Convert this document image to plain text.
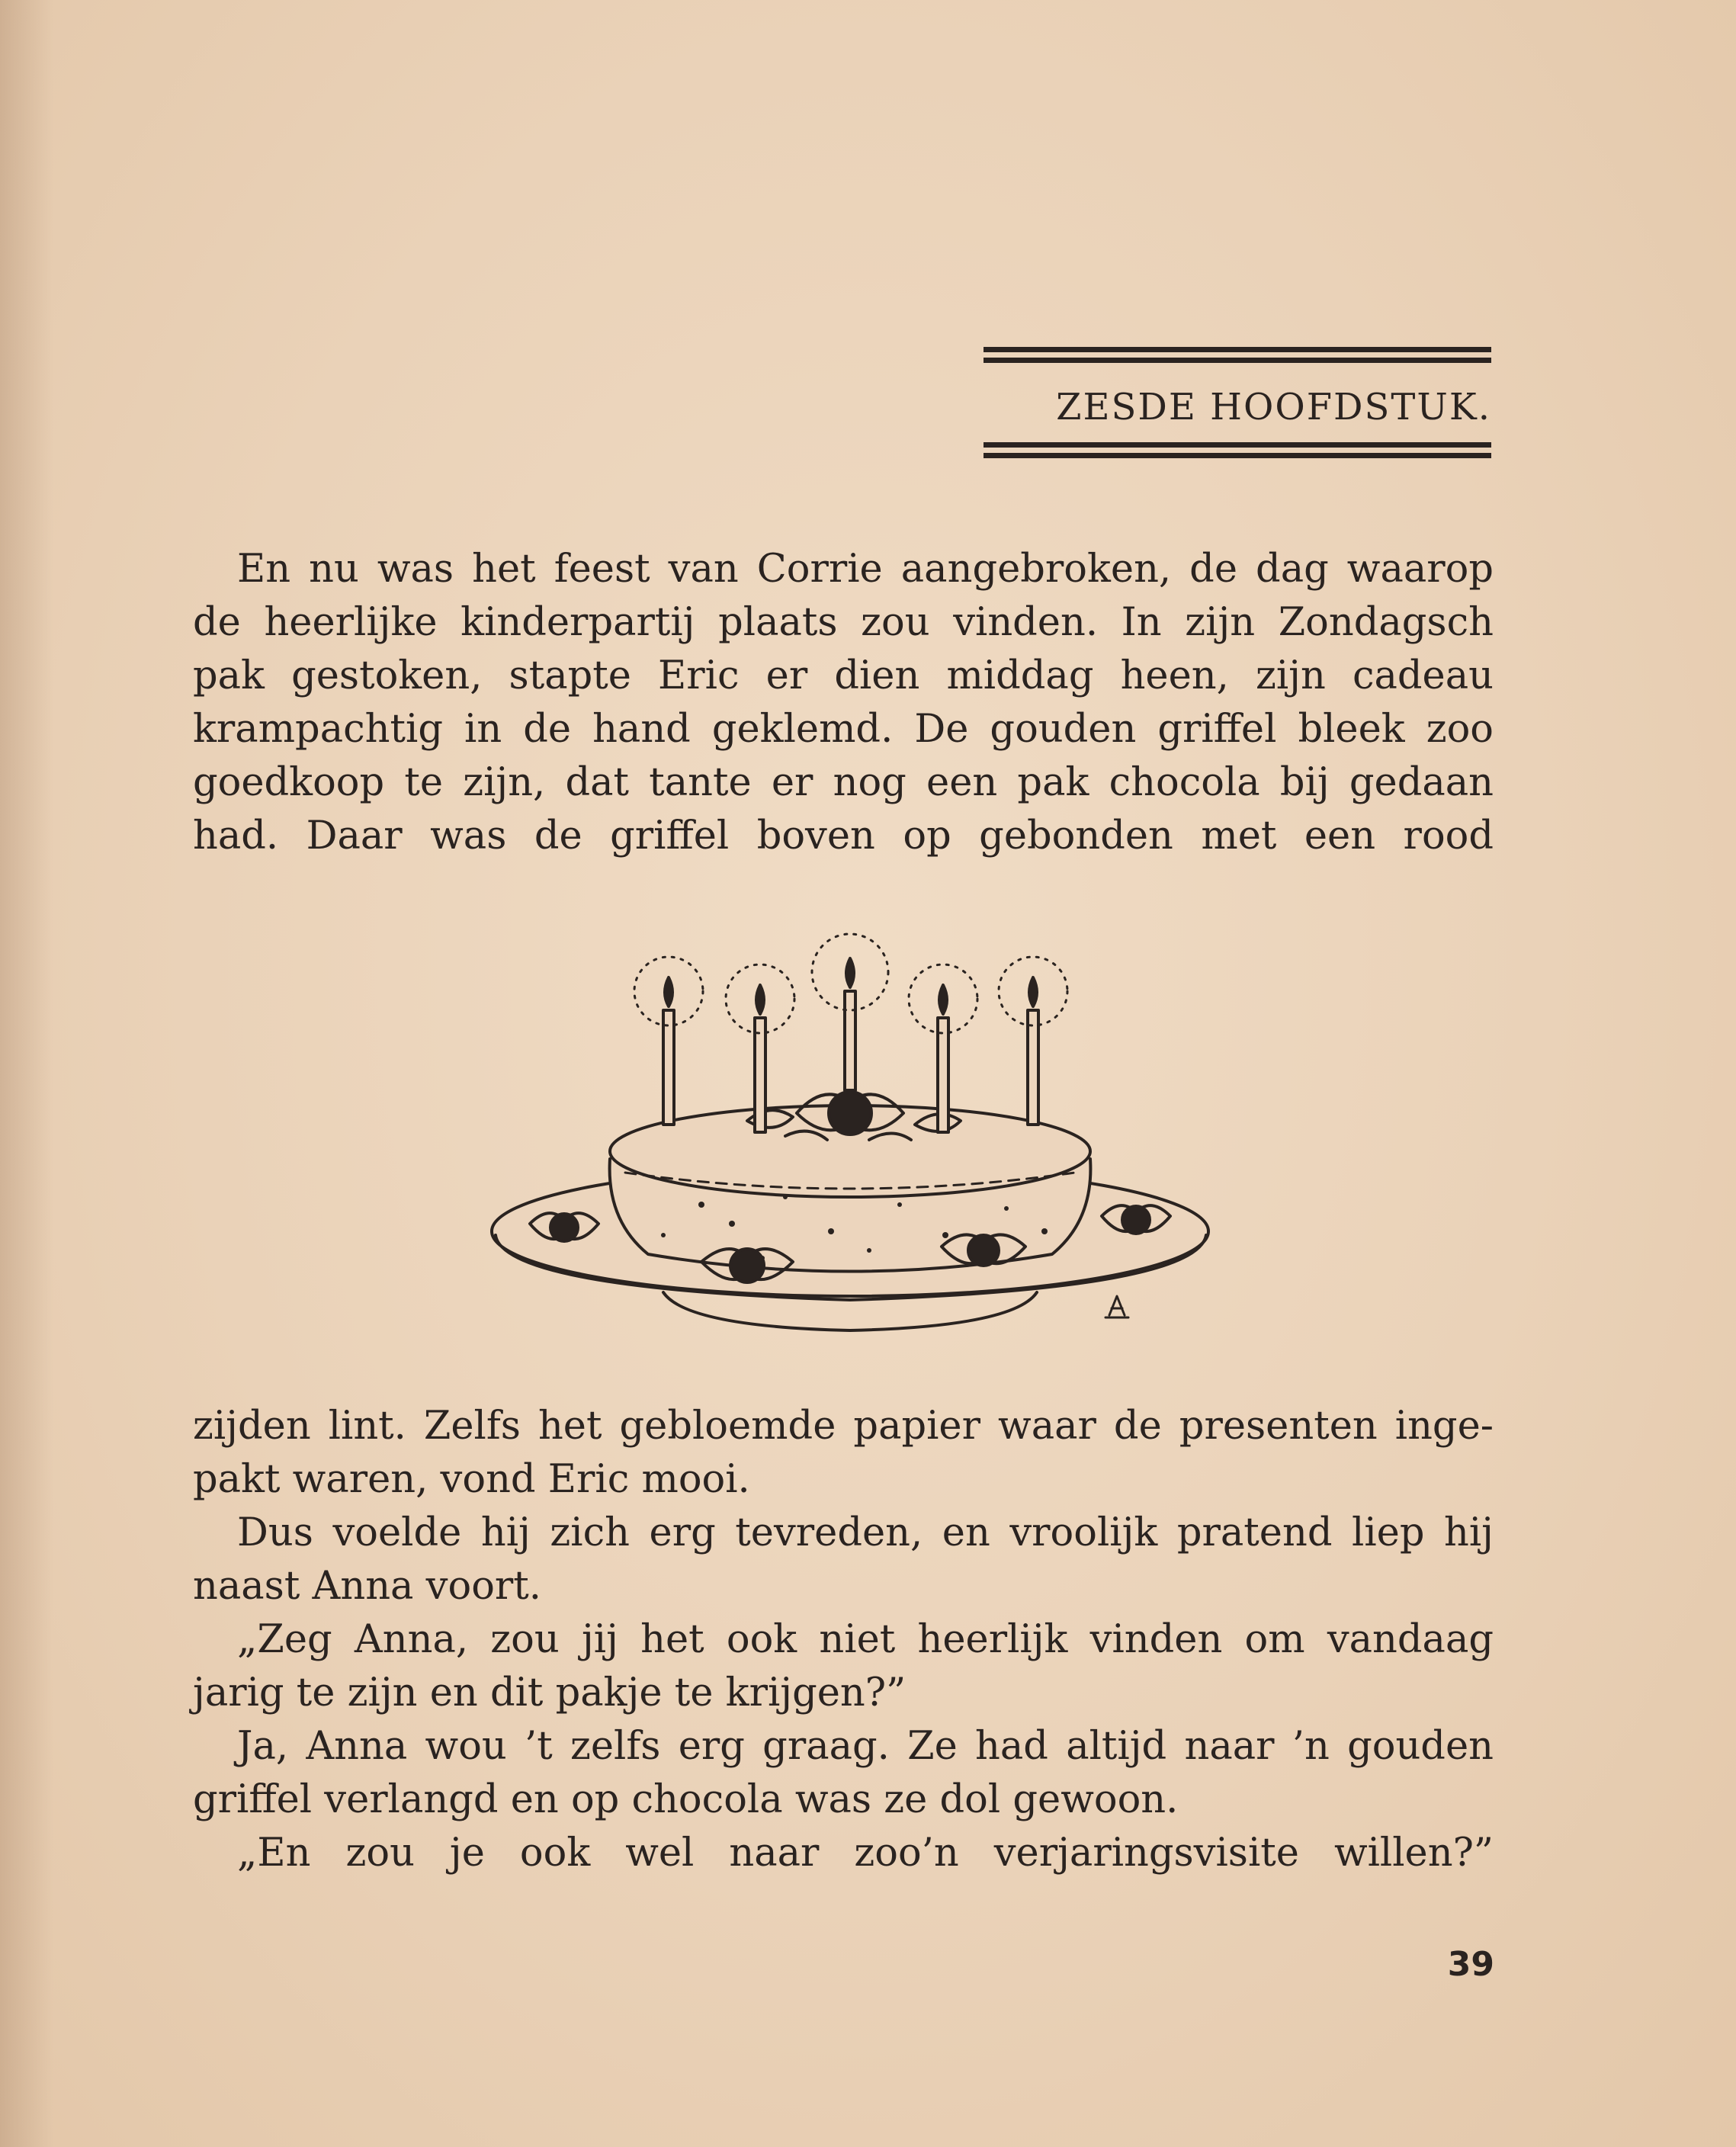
ZESDE HOOFDSTUK.
En nu was het feest van Corrie aangebroken, de dag waarop
de heerlijke kinderpartij plaats zou vinden. In zijn Zondagsch
pak gestoken, stapte Eric er dien middag heen, zijn cadeau
krampachtig in de hand geklemd. De gouden griffel bleek zoo
goedkoop te zijn, dat tante er nog een pak chocola bij gedaan
had. Daar was de griffel boven op gebonden met een rood
zijden lint. Zelfs het gebloemde papier waar de presenten inge-
pakt waren, vond Eric mooi.
Dus voelde hij zich erg tevreden, en vroolijk pratend liep hij
naast Anna voort.
„Zeg Anna, zou jij het ook niet heerlijk vinden om vandaag
jarig te zijn en dit pakje te krijgen?”
Ja, Anna wou ’t zelfs erg graag. Ze had altijd naar ’n gouden
griffel verlangd en op chocola was ze dol gewoon.
„En zou je ook wel naar zoo’n verjaringsvisite willen?”
39
